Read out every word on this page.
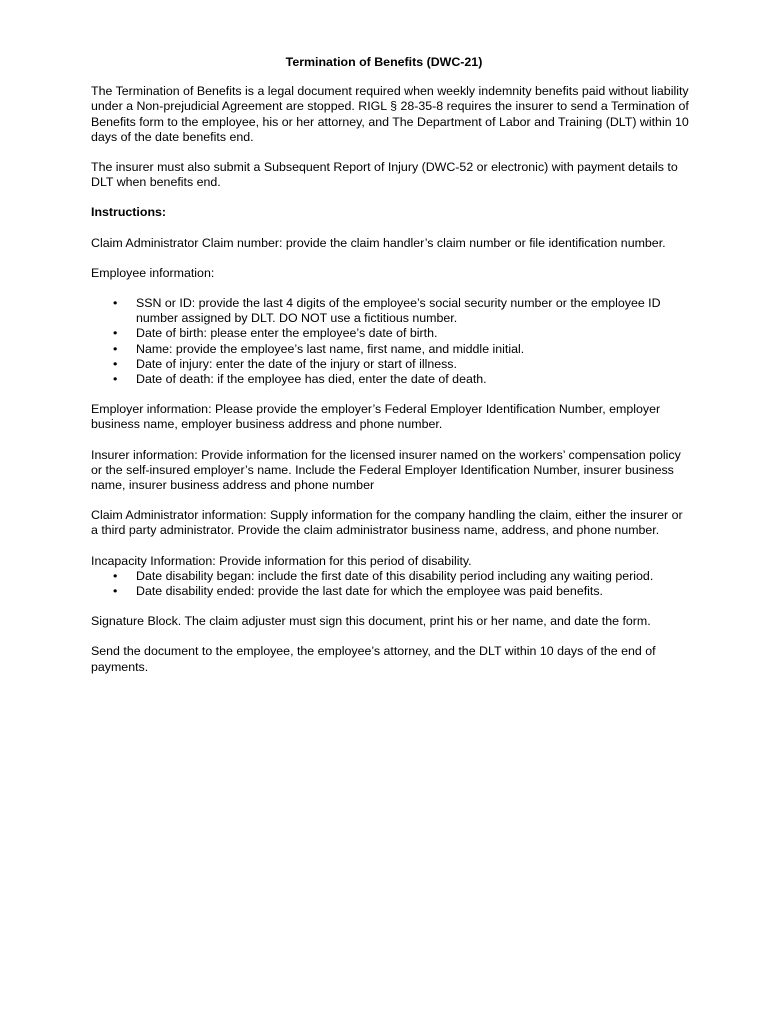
Termination of Benefits (DWC-21)

The Termination of Benefits is a legal document required when weekly indemnity benefits paid without liability under a Non-prejudicial Agreement are stopped. RIGL § 28-35-8 requires the insurer to send a Termination of Benefits form to the employee, his or her attorney, and The Department of Labor and Training (DLT) within 10 days of the date benefits end.

The insurer must also submit a Subsequent Report of Injury (DWC-52 or electronic) with payment details to DLT when benefits end.

Instructions:

Claim Administrator Claim number: provide the claim handler’s claim number or file identification number.

Employee information:

• SSN or ID: provide the last 4 digits of the employee’s social security number or the employee ID number assigned by DLT. DO NOT use a fictitious number.
• Date of birth: please enter the employee’s date of birth.
• Name: provide the employee’s last name, first name, and middle initial.
• Date of injury: enter the date of the injury or start of illness.
• Date of death: if the employee has died, enter the date of death.

Employer information: Please provide the employer’s Federal Employer Identification Number, employer business name, employer business address and phone number.

Insurer information: Provide information for the licensed insurer named on the workers’ compensation policy or the self-insured employer’s name. Include the Federal Employer Identification Number, insurer business name, insurer business address and phone number

Claim Administrator information: Supply information for the company handling the claim, either the insurer or a third party administrator. Provide the claim administrator business name, address, and phone number.

Incapacity Information: Provide information for this period of disability.

• Date disability began: include the first date of this disability period including any waiting period.
• Date disability ended: provide the last date for which the employee was paid benefits.

Signature Block. The claim adjuster must sign this document, print his or her name, and date the form.

Send the document to the employee, the employee’s attorney, and the DLT within 10 days of the end of payments.
